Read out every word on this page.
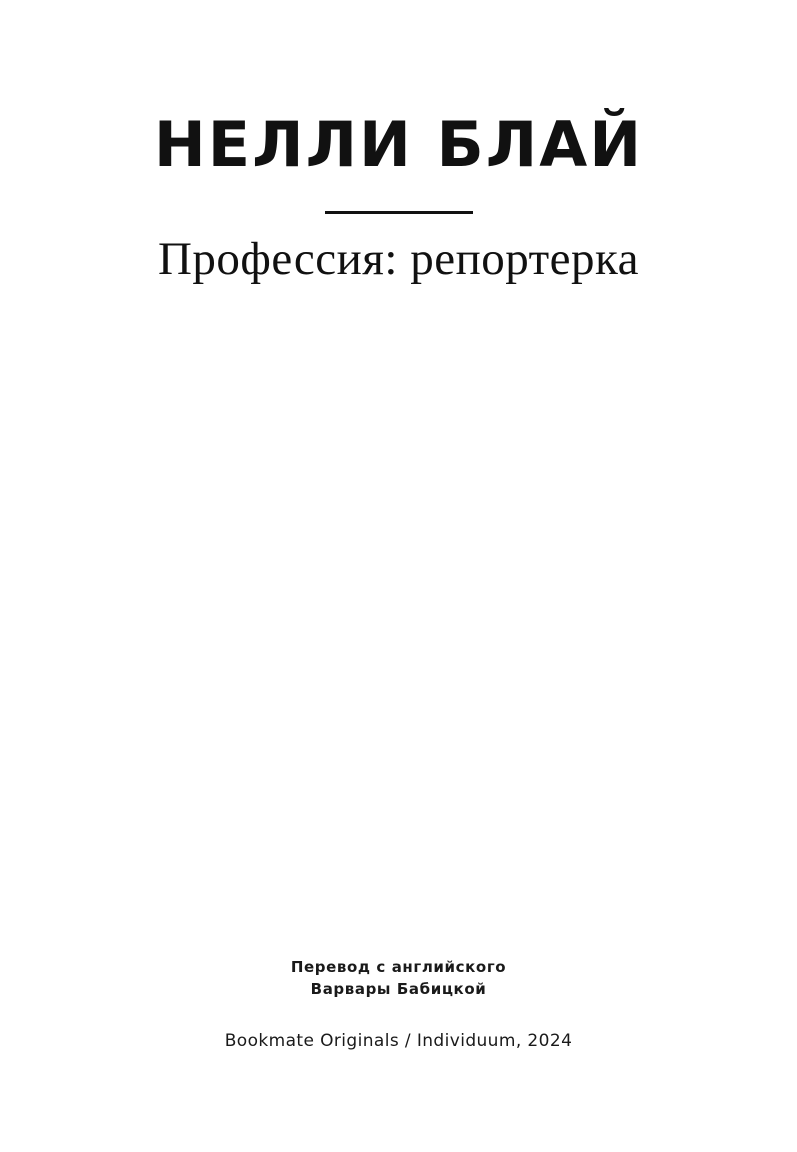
НЕЛЛИ БЛАЙ
Профессия: репортерка
Перевод с английского
Варвары Бабицкой
Bookmate Originals / Individuum, 2024
